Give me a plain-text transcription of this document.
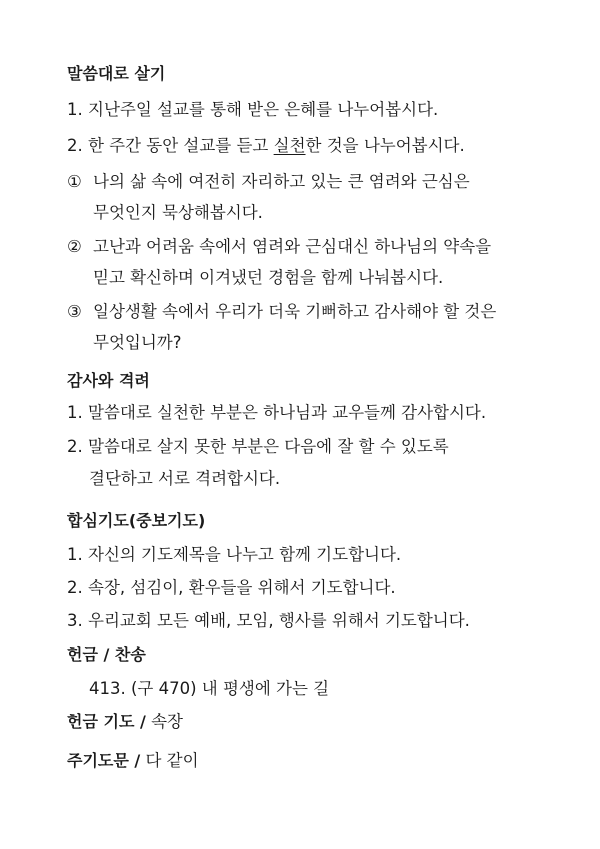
말씀대로 살기
1. 지난주일 설교를 통해 받은 은혜를 나누어봅시다.
2. 한 주간 동안 설교를 듣고 실천한 것을 나누어봅시다.
① 나의 삶 속에 여전히 자리하고 있는 큰 염려와 근심은
무엇인지 묵상해봅시다.
② 고난과 어려움 속에서 염려와 근심대신 하나님의 약속을
믿고 확신하며 이겨냈던 경험을 함께 나눠봅시다.
③ 일상생활 속에서 우리가 더욱 기뻐하고 감사해야 할 것은
무엇입니까?
감사와 격려
1. 말씀대로 실천한 부분은 하나님과 교우들께 감사합시다.
2. 말씀대로 살지 못한 부분은 다음에 잘 할 수 있도록
결단하고 서로 격려합시다.
합심기도(중보기도)
1. 자신의 기도제목을 나누고 함께 기도합니다.
2. 속장, 섬김이, 환우들을 위해서 기도합니다.
3. 우리교회 모든 예배, 모임, 행사를 위해서 기도합니다.
헌금 / 찬송
413. (구 470) 내 평생에 가는 길
헌금 기도 / 속장
주기도문 / 다 같이
